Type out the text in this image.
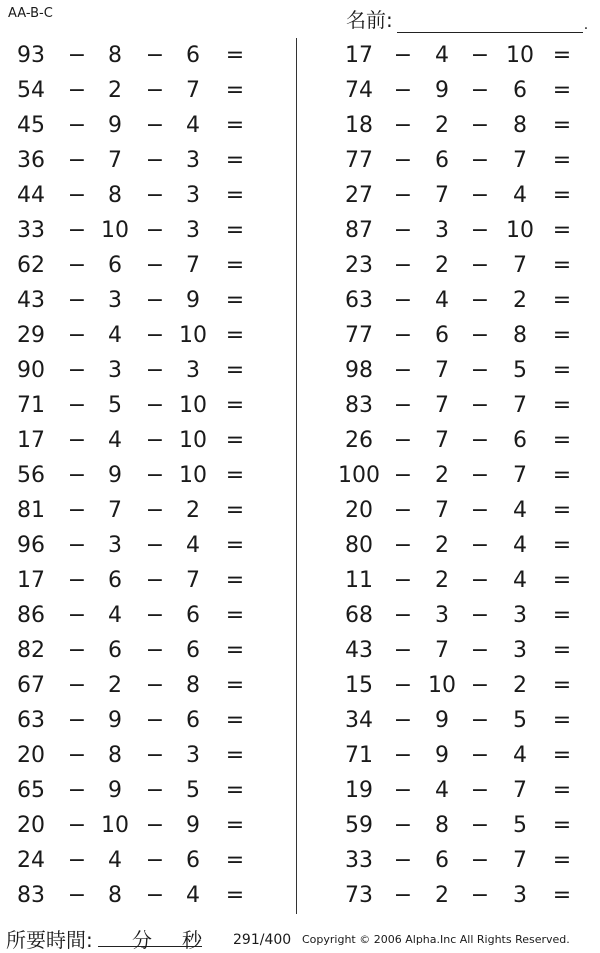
AA-B-C	名前:	.
93 − 8 − 6 =
54 − 2 − 7 =
45 − 9 − 4 =
36 − 7 − 3 =
44 − 8 − 3 =
33 − 10 − 3 =
62 − 6 − 7 =
43 − 3 − 9 =
29 − 4 − 10 =
90 − 3 − 3 =
71 − 5 − 10 =
17 − 4 − 10 =
56 − 9 − 10 =
81 − 7 − 2 =
96 − 3 − 4 =
17 − 6 − 7 =
86 − 4 − 6 =
82 − 6 − 6 =
67 − 2 − 8 =
63 − 9 − 6 =
20 − 8 − 3 =
65 − 9 − 5 =
20 − 10 − 9 =
24 − 4 − 6 =
83 − 8 − 4 =
17 − 4 − 10 =
74 − 9 − 6 =
18 − 2 − 8 =
77 − 6 − 7 =
27 − 7 − 4 =
87 − 3 − 10 =
23 − 2 − 7 =
63 − 4 − 2 =
77 − 6 − 8 =
98 − 7 − 5 =
83 − 7 − 7 =
26 − 7 − 6 =
100 − 2 − 7 =
20 − 7 − 4 =
80 − 2 − 4 =
11 − 2 − 4 =
68 − 3 − 3 =
43 − 7 − 3 =
15 − 10 − 2 =
34 − 9 − 5 =
71 − 9 − 4 =
19 − 4 − 7 =
59 − 8 − 5 =
33 − 6 − 7 =
73 − 2 − 3 =
所要時間: 分 秒 291/400 Copyright © 2006 Alpha.Inc All Rights Reserved.
